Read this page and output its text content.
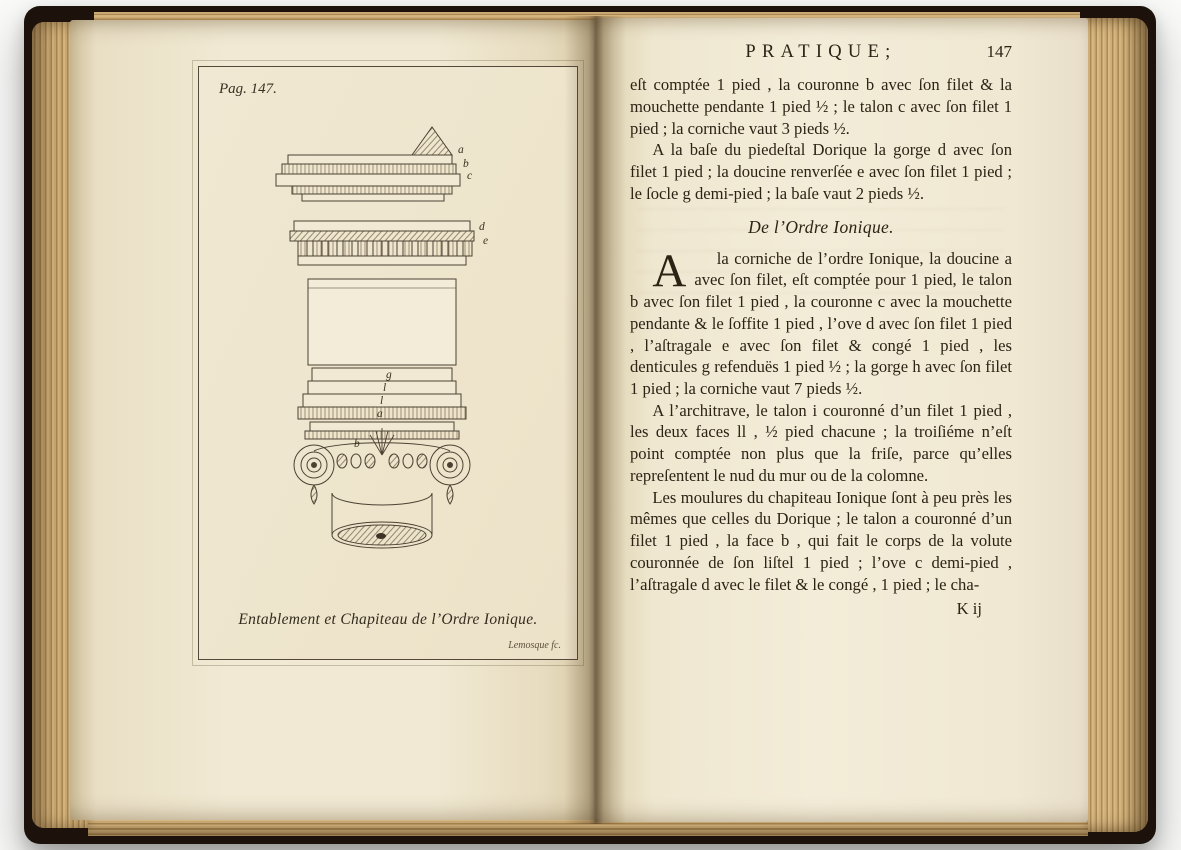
Pag. 147.
a
b
c
d
e
g
l
l
a
b
Entablement et Chapiteau de l’Ordre Ionique.
Lemosque fc.
PRATIQUE;	147

eſt comptée 1 pied , la couronne b avec ſon filet & la mouchette pendante 1 pied ½ ; le talon c avec ſon filet 1 pied ; la corniche vaut 3 pieds ½.

A la baſe du piedeſtal Dorique la gorge d avec ſon filet 1 pied ; la doucine renverſée e avec ſon filet 1 pied ; le ſocle g demi-pied ; la baſe vaut 2 pieds ½.

De l’Ordre Ionique.

A	la corniche de l’ordre Ionique, la doucine a avec ſon filet, eſt comptée pour 1 pied, le talon b avec ſon filet 1 pied , la couronne c avec la mouchette pendante & le ſoffite 1 pied , l’ove d avec ſon filet 1 pied , l’aſtragale e avec ſon filet & congé 1 pied , les denticules g refenduës 1 pied ½ ; la gorge h avec ſon filet 1 pied ; la corniche vaut 7 pieds ½.

A l’architrave, le talon i couronné d’un filet 1 pied , les deux faces ll , ½ pied chacune ; la troiſiéme n’eſt point comptée non plus que la friſe, parce qu’elles repreſentent le nud du mur ou de la colomne.

Les moulures du chapiteau Ionique ſont à peu près les mêmes que celles du Dorique ; le talon a couronné d’un filet 1 pied , la face b , qui fait le corps de la volute couronnée de ſon liſtel 1 pied ; l’ove c demi-pied , l’aſtragale d avec le filet & le congé , 1 pied ; le cha-

K ij
